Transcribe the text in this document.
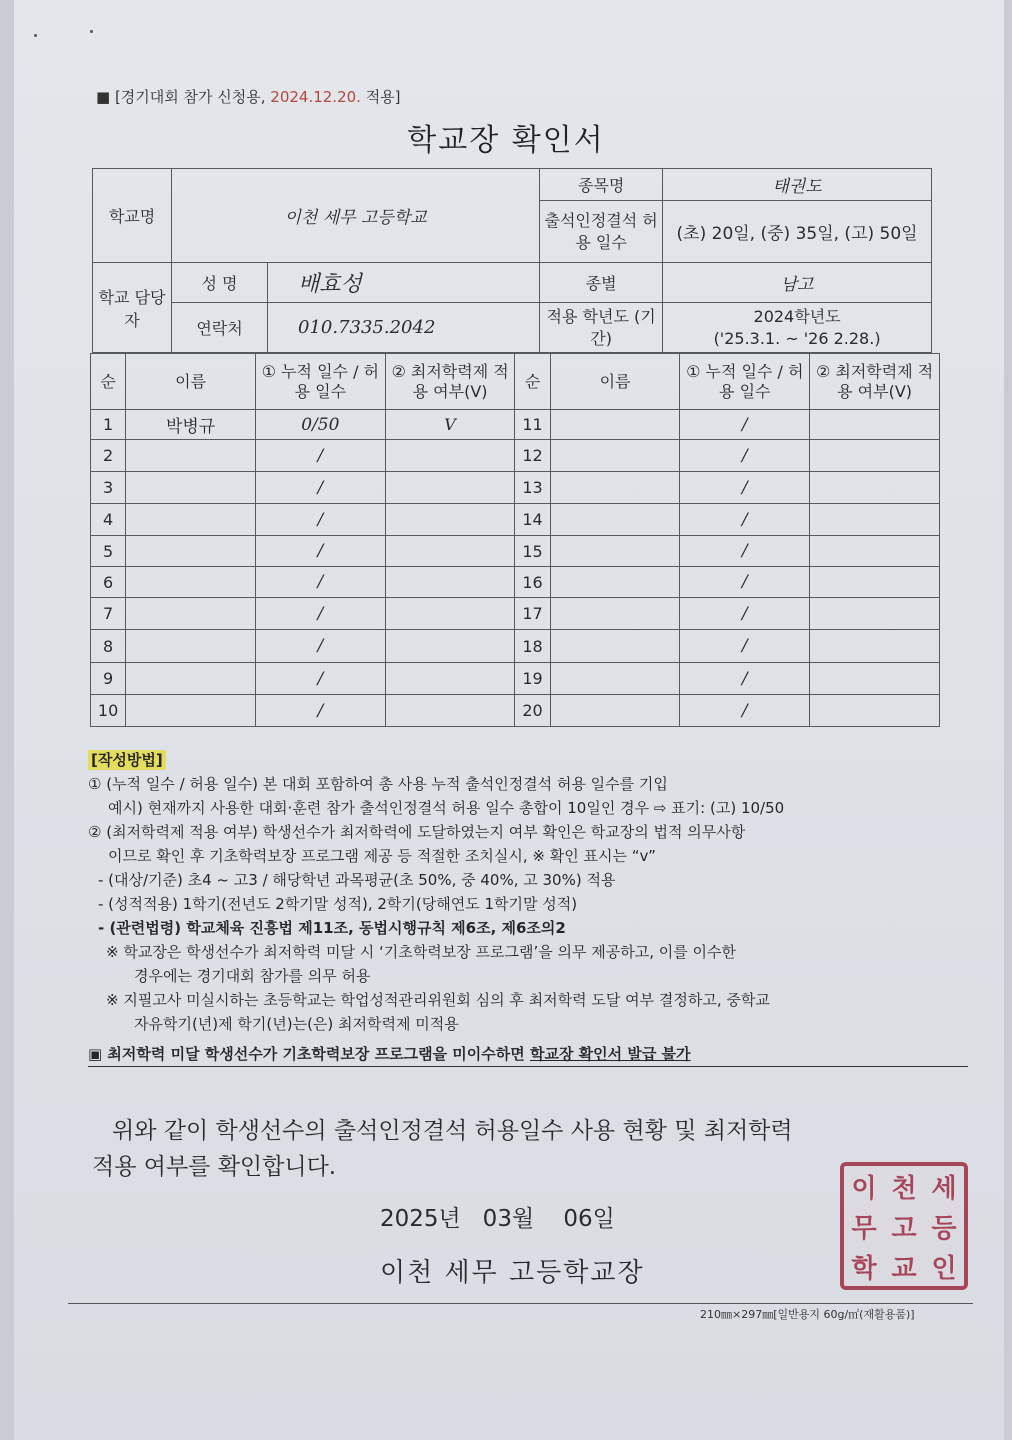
■ [경기대회 참가 신청용, 2024.12.20. 적용]
학교장 확인서
학교명	이천 세무 고등학교		종목명	태권도
			출석인정결석 허용 일수	(초) 20일, (중) 35일, (고) 50일
학교 담당자	성 명	배효성	종별	남고
	연락처	010.7335.2042	적용 학년도 (기간)	2024학년도
('25.3.1. ~ '26 2.28.)
순	이름	① 누적 일수 / 허용 일수	② 최저학력제 적용 여부(V)	순	이름	① 누적 일수 / 허용 일수	② 최저학력제 적용 여부(V)
1	박병규	0/50	V	11		/	
2		/		12		/	
3		/		13		/	
4		/		14		/	
5		/		15		/	
6		/		16		/	
7		/		17		/	
8		/		18		/	
9		/		19		/	
10		/		20		/	
[작성방법]
① (누적 일수 / 허용 일수) 본 대회 포함하여 총 사용 누적 출석인정결석 허용 일수를 기입
예시) 현재까지 사용한 대회·훈련 참가 출석인정결석 허용 일수 총합이 10일인 경우 ⇨ 표기: (고) 10/50
② (최저학력제 적용 여부) 학생선수가 최저학력에 도달하였는지 여부 확인은 학교장의 법적 의무사항
이므로 확인 후 기초학력보장 프로그램 제공 등 적절한 조치실시, ※ 확인 표시는 “v”
- (대상/기준) 초4 ~ 고3 / 해당학년 과목평균(초 50%, 중 40%, 고 30%) 적용
- (성적적용) 1학기(전년도 2학기말 성적), 2학기(당해연도 1학기말 성적)
- (관련법령) 학교체육 진흥법 제11조, 동법시행규칙 제6조, 제6조의2
※ 학교장은 학생선수가 최저학력 미달 시 ‘기초학력보장 프로그램’을 의무 제공하고, 이를 이수한
경우에는 경기대회 참가를 의무 허용
※ 지필고사 미실시하는 초등학교는 학업성적관리위원회 심의 후 최저학력 도달 여부 결정하고, 중학교
자유학기(년)제 학기(년)는(은) 최저학력제 미적용
▣ 최저학력 미달 학생선수가 기초학력보장 프로그램을 미이수하면 학교장 확인서 발급 불가
위와 같이 학생선수의 출석인정결석 허용일수 사용 현황 및 최저학력
적용 여부를 확인합니다.
2025년   03월    06일
이천 세무 고등학교장
이 천 세
무 고 등
학 교 인
210㎜×297㎜[일반용지 60g/㎡(재활용품)]
